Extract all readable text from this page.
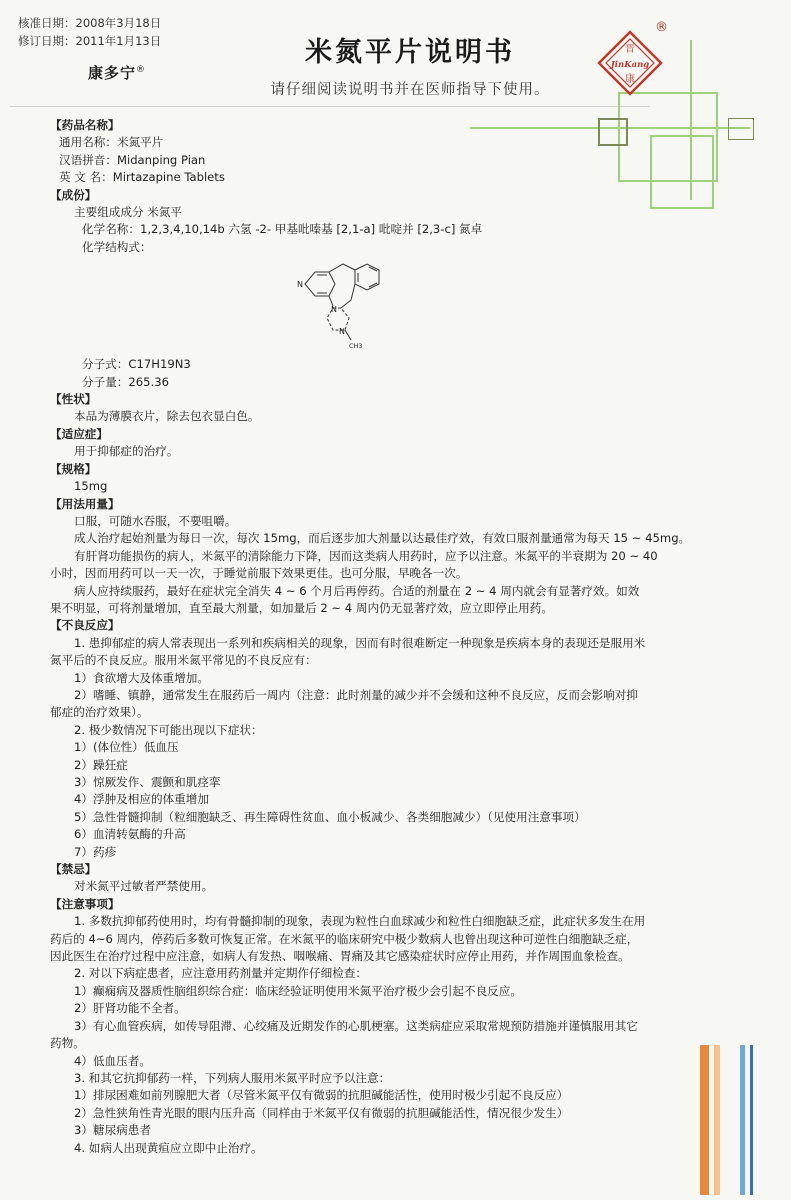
核准日期：2008年3月18日
修订日期：2011年1月13日
康多宁®
米氮平片说明书
请仔细阅读说明书并在医师指导下使用。
®
晋
JinKang
康
【药品名称】
通用名称：米氮平片
汉语拼音：Midanping Pian
英 文 名：Mirtazapine Tablets
【成份】
主要组成成分 米氮平
化学名称：1,2,3,4,10,14b 六氢 -2- 甲基吡嗪基 [2,1-a] 吡啶并 [2,3-c] 氮卓
化学结构式：
N
N
N
CH3
分子式：C17H19N3
分子量：265.36
【性状】
本品为薄膜衣片，除去包衣显白色。
【适应症】
用于抑郁症的治疗。
【规格】
15mg
【用法用量】
口服，可随水吞服，不要咀嚼。
成人治疗起始剂量为每日一次，每次 15mg，而后逐步加大剂量以达最佳疗效，有效口服剂量通常为每天 15 ~ 45mg。
有肝肾功能损伤的病人，米氮平的清除能力下降，因而这类病人用药时，应予以注意。米氮平的半衰期为 20 ~ 40
小时，因而用药可以一天一次，于睡觉前服下效果更佳。也可分服，早晚各一次。
病人应持续服药，最好在症状完全消失 4 ~ 6 个月后再停药。合适的剂量在 2 ~ 4 周内就会有显著疗效。如效
果不明显，可将剂量增加，直至最大剂量，如加量后 2 ~ 4 周内仍无显著疗效，应立即停止用药。
【不良反应】
1. 患抑郁症的病人常表现出一系列和疾病相关的现象，因而有时很难断定一种现象是疾病本身的表现还是服用米
氮平后的不良反应。服用米氮平常见的不良反应有：
1）食欲增大及体重增加。
2）嗜睡、镇静，通常发生在服药后一周内（注意：此时剂量的减少并不会缓和这种不良反应，反而会影响对抑
郁症的治疗效果）。
2. 极少数情况下可能出现以下症状：
1）(体位性）低血压
2）躁狂症
3）惊厥发作、震颤和肌痉挛
4）浮肿及相应的体重增加
5）急性骨髓抑制（粒细胞缺乏、再生障碍性贫血、血小板减少、各类细胞减少）（见使用注意事项）
6）血清转氨酶的升高
7）药疹
【禁忌】
对米氮平过敏者严禁使用。
【注意事项】
1. 多数抗抑郁药使用时，均有骨髓抑制的现象，表现为粒性白血球减少和粒性白细胞缺乏症，此症状多发生在用
药后的 4~6 周内，停药后多数可恢复正常。在米氮平的临床研究中极少数病人也曾出现这种可逆性白细胞缺乏症，
因此医生在治疗过程中应注意，如病人有发热、咽喉痛、胃痛及其它感染症状时应停止用药，并作周围血象检查。
2. 对以下病症患者，应注意用药剂量并定期作仔细检查：
1）癫痫病及器质性脑组织综合症：临床经验证明使用米氮平治疗极少会引起不良反应。
2）肝肾功能不全者。
3）有心血管疾病，如传导阻滞、心绞痛及近期发作的心肌梗塞。这类病症应采取常规预防措施并谨慎服用其它
药物。
4）低血压者。
3. 和其它抗抑郁药一样，下列病人服用米氮平时应予以注意：
1）排尿困难如前列腺肥大者（尽管米氮平仅有微弱的抗胆碱能活性，使用时极少引起不良反应）
2）急性狭角性青光眼的眼内压升高（同样由于米氮平仅有微弱的抗胆碱能活性，情况很少发生）
3）糖尿病患者
4. 如病人出现黄疸应立即中止治疗。
